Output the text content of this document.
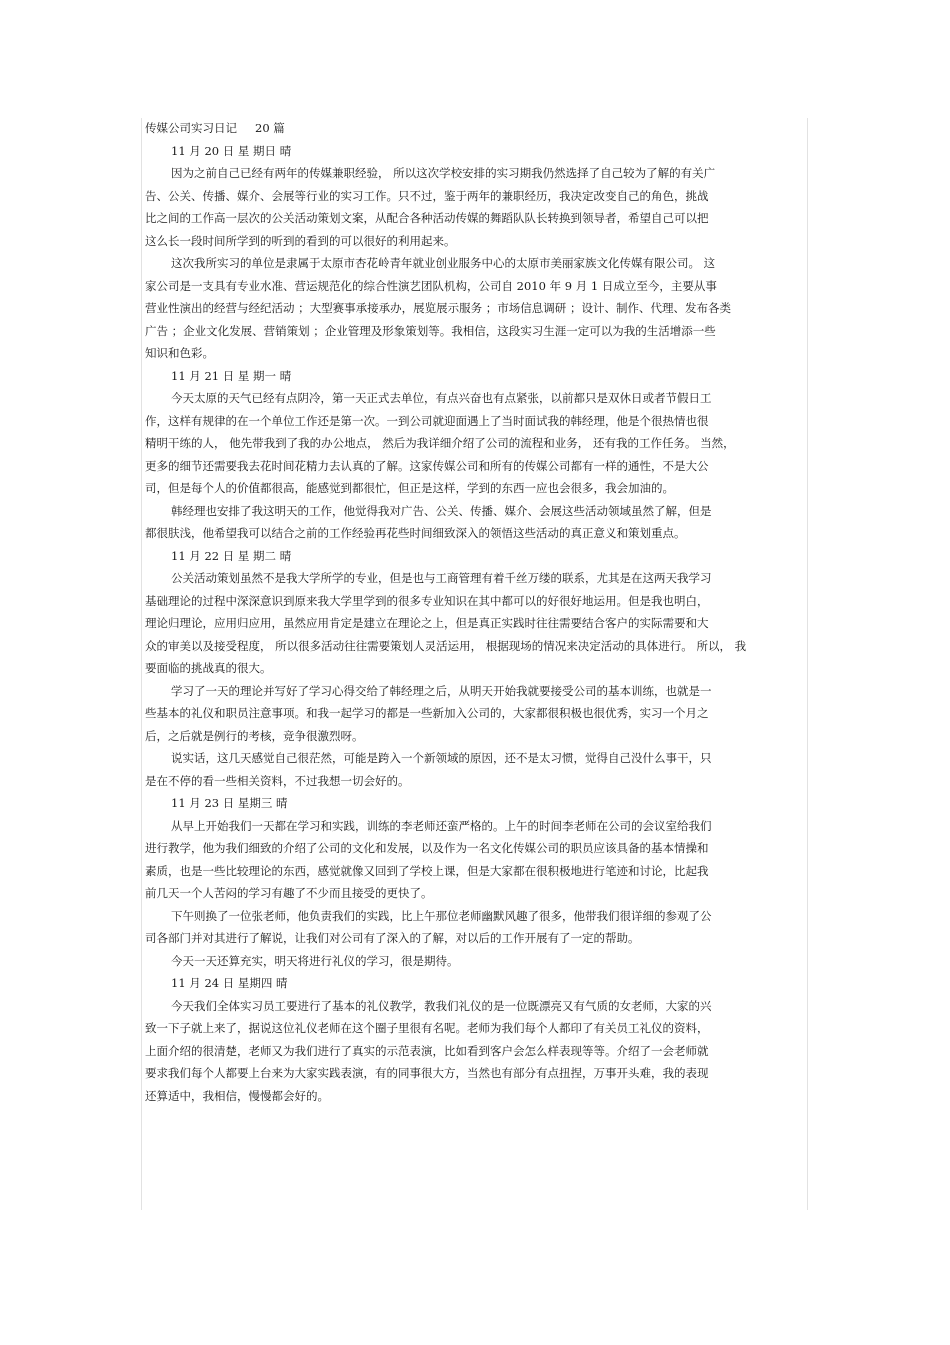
传媒公司实习日记 20 篇
11 月 20 日 星 期日 晴
因为之前自己已经有两年的传媒兼职经验， 所以这次学校安排的实习期我仍然选择了自己较为了解的有关广
告、公关、传播、媒介、会展等行业的实习工作。只不过，鉴于两年的兼职经历，我决定改变自己的角色，挑战
比之间的工作高一层次的公关活动策划文案，从配合各种活动传媒的舞蹈队队长转换到领导者，希望自己可以把
这么长一段时间所学到的听到的看到的可以很好的利用起来。
这次我所实习的单位是隶属于太原市杏花岭青年就业创业服务中心的太原市美丽家族文化传媒有限公司。 这
家公司是一支具有专业水准、营运规范化的综合性演艺团队机构，公司自 2010 年 9 月 1 日成立至今，主要从事
营业性演出的经营与经纪活动 ；大型赛事承接承办，展览展示服务 ；市场信息调研 ；设计、制作、代理、发布各类
广告 ；企业文化发展、营销策划 ；企业管理及形象策划等。我相信，这段实习生涯一定可以为我的生活增添一些
知识和色彩。
11 月 21 日 星 期一 晴
今天太原的天气已经有点阴冷，第一天正式去单位，有点兴奋也有点紧张，以前都只是双休日或者节假日工
作，这样有规律的在一个单位工作还是第一次。一到公司就迎面遇上了当时面试我的韩经理，他是个很热情也很
精明干练的人， 他先带我到了我的办公地点， 然后为我详细介绍了公司的流程和业务， 还有我的工作任务。 当然，
更多的细节还需要我去花时间花精力去认真的了解。这家传媒公司和所有的传媒公司都有一样的通性，不是大公
司，但是每个人的价值都很高，能感觉到都很忙，但正是这样，学到的东西一应也会很多，我会加油的。
韩经理也安排了我这明天的工作，他觉得我对广告、公关、传播、媒介、会展这些活动领域虽然了解，但是
都很肤浅，他希望我可以结合之前的工作经验再花些时间细致深入的领悟这些活动的真正意义和策划重点。
11 月 22 日 星 期二 晴
公关活动策划虽然不是我大学所学的专业，但是也与工商管理有着千丝万缕的联系，尤其是在这两天我学习
基础理论的过程中深深意识到原来我大学里学到的很多专业知识在其中都可以的好很好地运用。但是我也明白，
理论归理论，应用归应用，虽然应用肯定是建立在理论之上，但是真正实践时往往需要结合客户的实际需要和大
众的审美以及接受程度， 所以很多活动往往需要策划人灵活运用， 根据现场的情况来决定活动的具体进行。 所以， 我
要面临的挑战真的很大。
学习了一天的理论并写好了学习心得交给了韩经理之后，从明天开始我就要接受公司的基本训练，也就是一
些基本的礼仪和职员注意事项。和我一起学习的都是一些新加入公司的，大家都很积极也很优秀，实习一个月之
后，之后就是例行的考核，竞争很激烈呀。
说实话，这几天感觉自己很茫然，可能是跨入一个新领域的原因，还不是太习惯，觉得自己没什么事干，只
是在不停的看一些相关资料，不过我想一切会好的。
11 月 23 日 星期三 晴
从早上开始我们一天都在学习和实践，训练的李老师还蛮严格的。上午的时间李老师在公司的会议室给我们
进行教学，他为我们细致的介绍了公司的文化和发展，以及作为一名文化传媒公司的职员应该具备的基本情操和
素质，也是一些比较理论的东西，感觉就像又回到了学校上课，但是大家都在很积极地进行笔迹和讨论，比起我
前几天一个人苦闷的学习有趣了不少而且接受的更快了。
下午则换了一位张老师，他负责我们的实践，比上午那位老师幽默风趣了很多，他带我们很详细的参观了公
司各部门并对其进行了解说，让我们对公司有了深入的了解，对以后的工作开展有了一定的帮助。
今天一天还算充实，明天将进行礼仪的学习，很是期待。
11 月 24 日 星期四 晴
今天我们全体实习员工要进行了基本的礼仪教学，教我们礼仪的是一位既漂亮又有气质的女老师，大家的兴
致一下子就上来了，据说这位礼仪老师在这个圈子里很有名呢。老师为我们每个人都印了有关员工礼仪的资料，
上面介绍的很清楚，老师又为我们进行了真实的示范表演，比如看到客户会怎么样表现等等。介绍了一会老师就
要求我们每个人都要上台来为大家实践表演，有的同事很大方，当然也有部分有点扭捏，万事开头难，我的表现
还算适中，我相信，慢慢都会好的。
